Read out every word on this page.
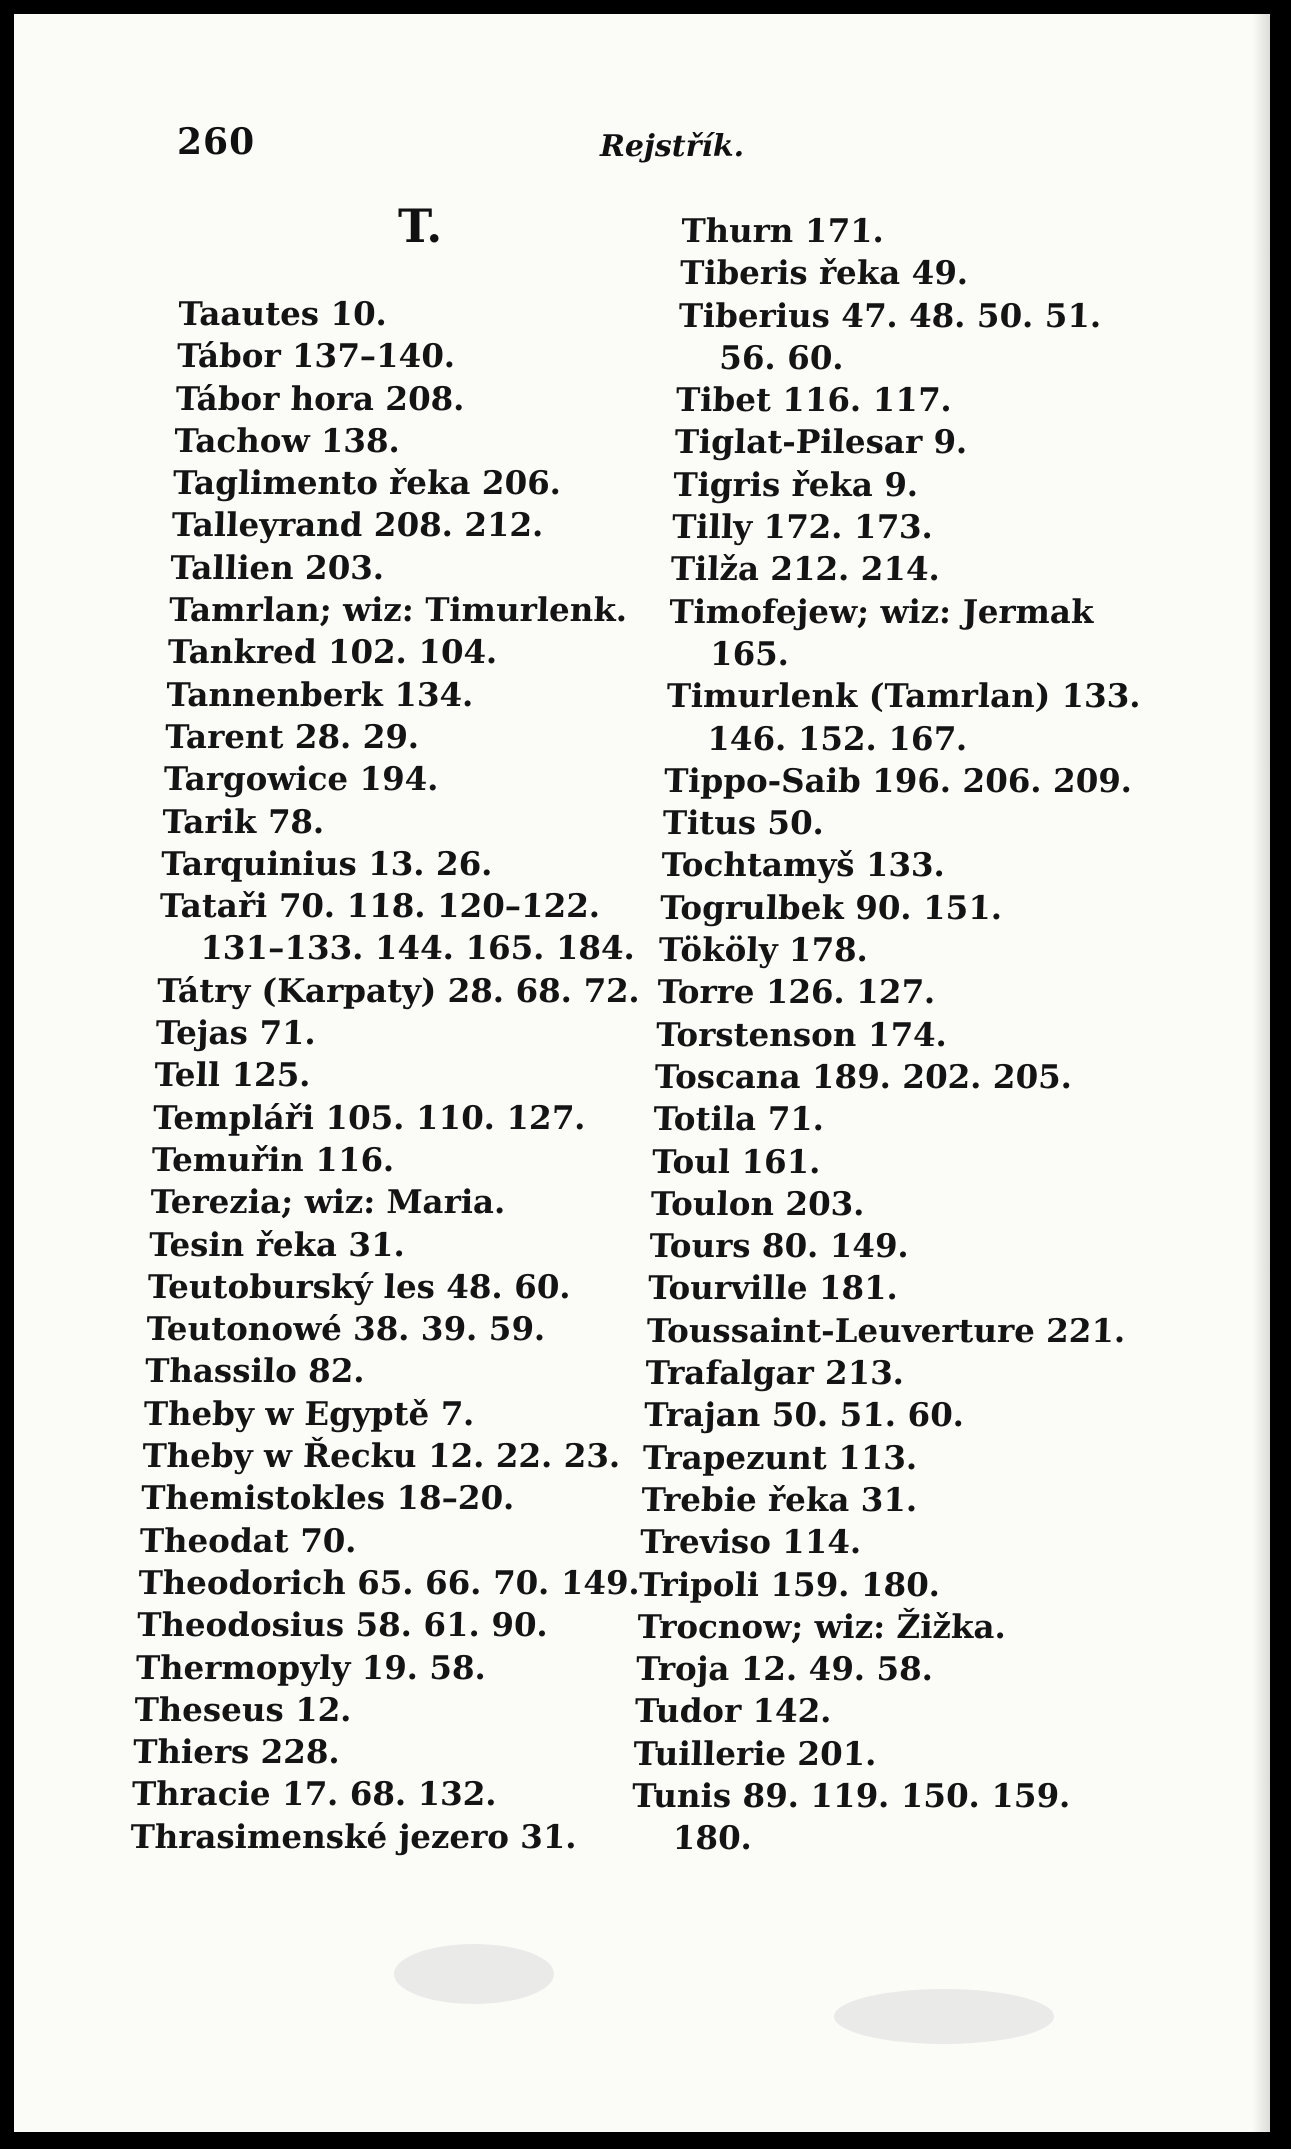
260	Rejstřík.
T.
Taautes 10.
Tábor 137–140.
Tábor hora 208.
Tachow 138.
Taglimento řeka 206.
Talleyrand 208. 212.
Tallien 203.
Tamrlan; wiz: Timurlenk.
Tankred 102. 104.
Tannenberk 134.
Tarent 28. 29.
Targowice 194.
Tarik 78.
Tarquinius 13. 26.
Tataři 70. 118. 120–122.
131–133. 144. 165. 184.
Tátry (Karpaty) 28. 68. 72.
Tejas 71.
Tell 125.
Templáři 105. 110. 127.
Temuřin 116.
Terezia; wiz: Maria.
Tesin řeka 31.
Teutoburský les 48. 60.
Teutonowé 38. 39. 59.
Thassilo 82.
Theby w Egyptě 7.
Theby w Řecku 12. 22. 23.
Themistokles 18–20.
Theodat 70.
Theodorich 65. 66. 70. 149.
Theodosius 58. 61. 90.
Thermopyly 19. 58.
Theseus 12.
Thiers 228.
Thracie 17. 68. 132.
Thrasimenské jezero 31.
Thurn 171.
Tiberis řeka 49.
Tiberius 47. 48. 50. 51.
56. 60.
Tibet 116. 117.
Tiglat-Pilesar 9.
Tigris řeka 9.
Tilly 172. 173.
Tilža 212. 214.
Timofejew; wiz: Jermak
165.
Timurlenk (Tamrlan) 133.
146. 152. 167.
Tippo-Saib 196. 206. 209.
Titus 50.
Tochtamyš 133.
Togrulbek 90. 151.
Tököly 178.
Torre 126. 127.
Torstenson 174.
Toscana 189. 202. 205.
Totila 71.
Toul 161.
Toulon 203.
Tours 80. 149.
Tourville 181.
Toussaint-Leuverture 221.
Trafalgar 213.
Trajan 50. 51. 60.
Trapezunt 113.
Trebie řeka 31.
Treviso 114.
Tripoli 159. 180.
Trocnow; wiz: Žižka.
Troja 12. 49. 58.
Tudor 142.
Tuillerie 201.
Tunis 89. 119. 150. 159.
180.
